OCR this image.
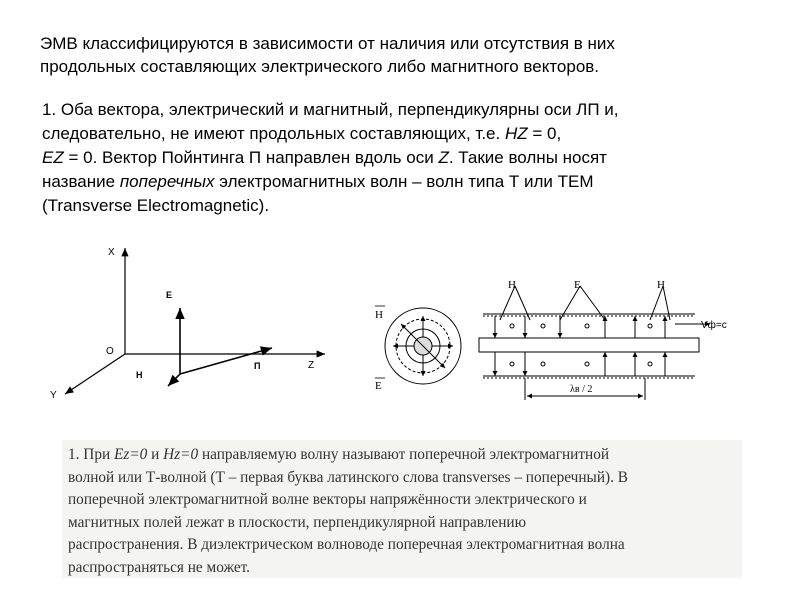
ЭМВ классифицируются в зависимости от наличия или отсутствия в них
продольных составляющих электрического либо магнитного векторов.
1. Оба вектора, электрический и магнитный, перпендикулярны оси ЛП и,
следовательно, не имеют продольных составляющих, т.е. HZ = 0,
EZ = 0. Вектор Пойнтинга П направлен вдоль оси Z. Такие волны носят
название поперечных электромагнитных волн – волн типа Т или ТЕМ
(Transverse Electromagnetic).
X
E
O
H
П	Z
Y
H
E
H	E	H
Vф=c
λв / 2

1. При Ez=0 и Hz=0 направляемую волну называют поперечной электромагнитной

волной или Т-волной (Т – первая буква латинского слова transverses – поперечный). В

поперечной электромагнитной волне векторы напряжённости электрического и

магнитных полей лежат в плоскости, перпендикулярной направлению

распространения. В диэлектрическом волноводе поперечная электромагнитная волна

распространяться не может.
